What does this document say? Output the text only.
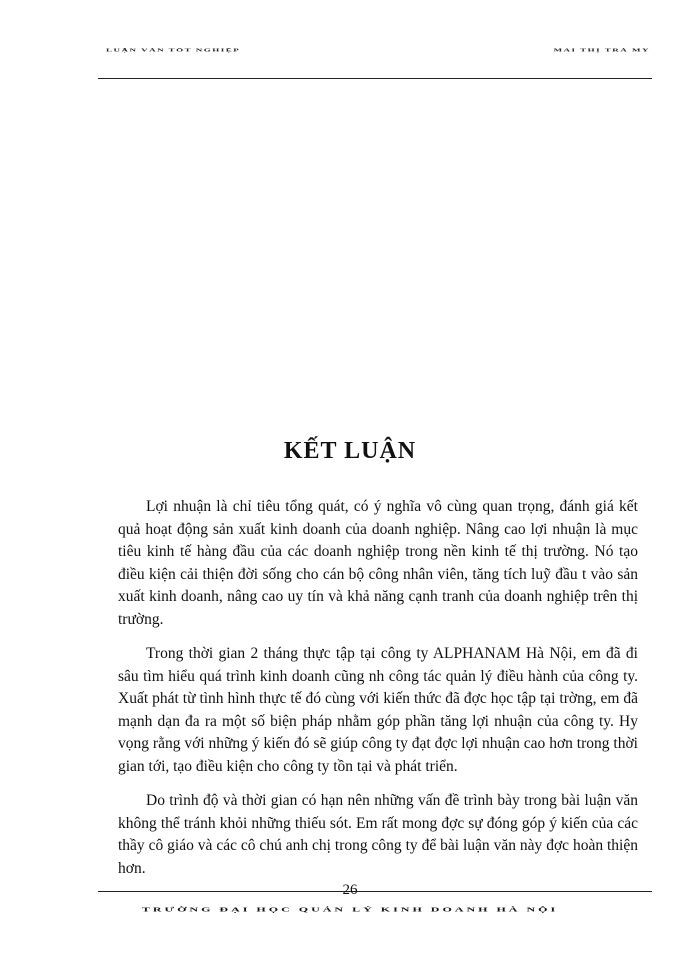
LUẬN VĂN TỐT NGHIỆP	MAI THỊ TRÀ MY
KẾT LUẬN

Lợi nhuận là chỉ tiêu tổng quát, có ý nghĩa vô cùng quan trọng, đánh giá kết quả hoạt động sản xuất kinh doanh của doanh nghiệp. Nâng cao lợi nhuận là mục tiêu kinh tế hàng đầu của các doanh nghiệp trong nền kinh tế thị trường. Nó tạo điều kiện cải thiện đời sống cho cán bộ công nhân viên, tăng tích luỹ đầu t vào sản xuất kinh doanh, nâng cao uy tín và khả năng cạnh tranh của doanh nghiệp trên thị trường.

Trong thời gian 2 tháng thực tập tại công ty ALPHANAM Hà Nội, em đã đi sâu tìm hiểu quá trình kinh doanh cũng nh công tác quản lý điều hành của công ty. Xuất phát từ tình hình thực tế đó cùng với kiến thức đã đợc học tập tại trờng, em đã mạnh dạn đa ra một số biện pháp nhằm góp phần tăng lợi nhuận của công ty. Hy vọng rằng với những ý kiến đó sẽ giúp công ty đạt đợc lợi nhuận cao hơn trong thời gian tới, tạo điều kiện cho công ty tồn tại và phát triển.

Do trình độ và thời gian có hạn nên những vấn đề trình bày trong bài luận văn không thể tránh khỏi những thiếu sót. Em rất mong đợc sự đóng góp ý kiến của các thầy cô giáo và các cô chú anh chị trong công ty để bài luận văn này đợc hoàn thiện hơn.

26
TRƯỜNG ĐẠI HỌC QUẢN LÝ KINH DOANH HÀ NỘI
